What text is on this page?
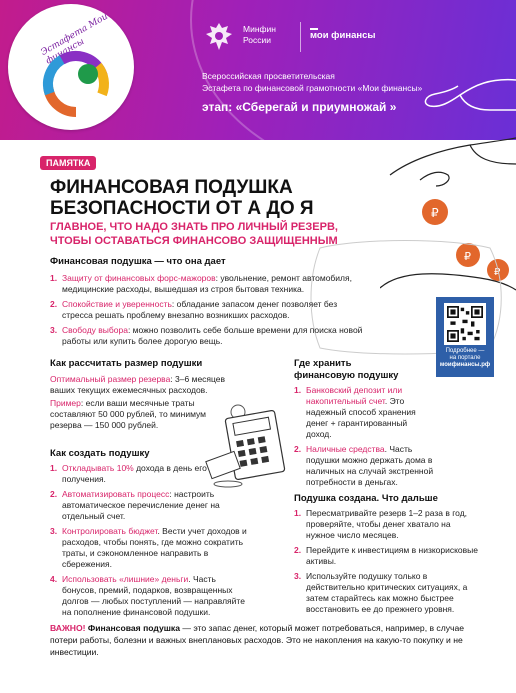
Минфин
России	мои финансы
Всероссийская просветительская
Эстафета по финансовой грамотности «Мои финансы»
этап: «Сберегай и приумножай »
Эстафета Мои финансы
ПАМЯТКА
ФИНАНСОВАЯ ПОДУШКА
БЕЗОПАСНОСТИ ОТ А ДО Я
ГЛАВНОЕ, ЧТО НАДО ЗНАТЬ ПРО ЛИЧНЫЙ РЕЗЕРВ,
ЧТОБЫ ОСТАВАТЬСЯ ФИНАНСОВО ЗАЩИЩЕННЫМ
₽
₽
₽
Подробнее —
на портале
моифинансы.рф
Финансовая подушка — что она дает
1. Защиту от финансовых форс-мажоров: увольнение, ремонт автомобиля, медицинские расходы, вышедшая из строя бытовая техника.
2. Спокойствие и уверенность: обладание запасом денег позволяет без стресса решать проблему внезапно возникших расходов.
3. Свободу выбора: можно позволить себе больше времени для поиска новой работы или купить более дорогую вещь.
Как рассчитать размер подушки
Оптимальный размер резерва: 3–6 месяцев ваших текущих ежемесячных расходов.
Пример: если ваши месячные траты составляют 50 000 рублей, то минимум резерва — 150 000 рублей.
Как создать подушку
1. Откладывать 10% дохода в день его получения.
2. Автоматизировать процесс: настроить автоматическое перечисление денег на отдельный счет.
3. Контролировать бюджет. Вести учет доходов и расходов, чтобы понять, где можно сократить траты, и сэкономленное направить в сбережения.
4. Использовать «лишние» деньги. Часть бонусов, премий, подарков, возвращенных долгов — любых поступлений — направляйте на пополнение финансовой подушки.
Где хранить
финансовую подушку
1. Банковский депозит или накопительный счет. Это надежный способ хранения денег + гарантированный доход.
2. Наличные средства. Часть подушки можно держать дома в наличных на случай экстренной потребности в деньгах.
Подушка создана. Что дальше
1. Пересматривайте резерв 1–2 раза в год, проверяйте, чтобы денег хватало на нужное число месяцев.
2. Перейдите к инвестициям в низкорисковые активы.
3. Используйте подушку только в действительно критических ситуациях, а затем старайтесь как можно быстрее восстановить ее до прежнего уровня.
ВАЖНО! Финансовая подушка — это запас денег, который может потребоваться, например, в случае потери работы, болезни и важных внеплановых расходов. Это не накопления на какую-то покупку и не инвестиции.
